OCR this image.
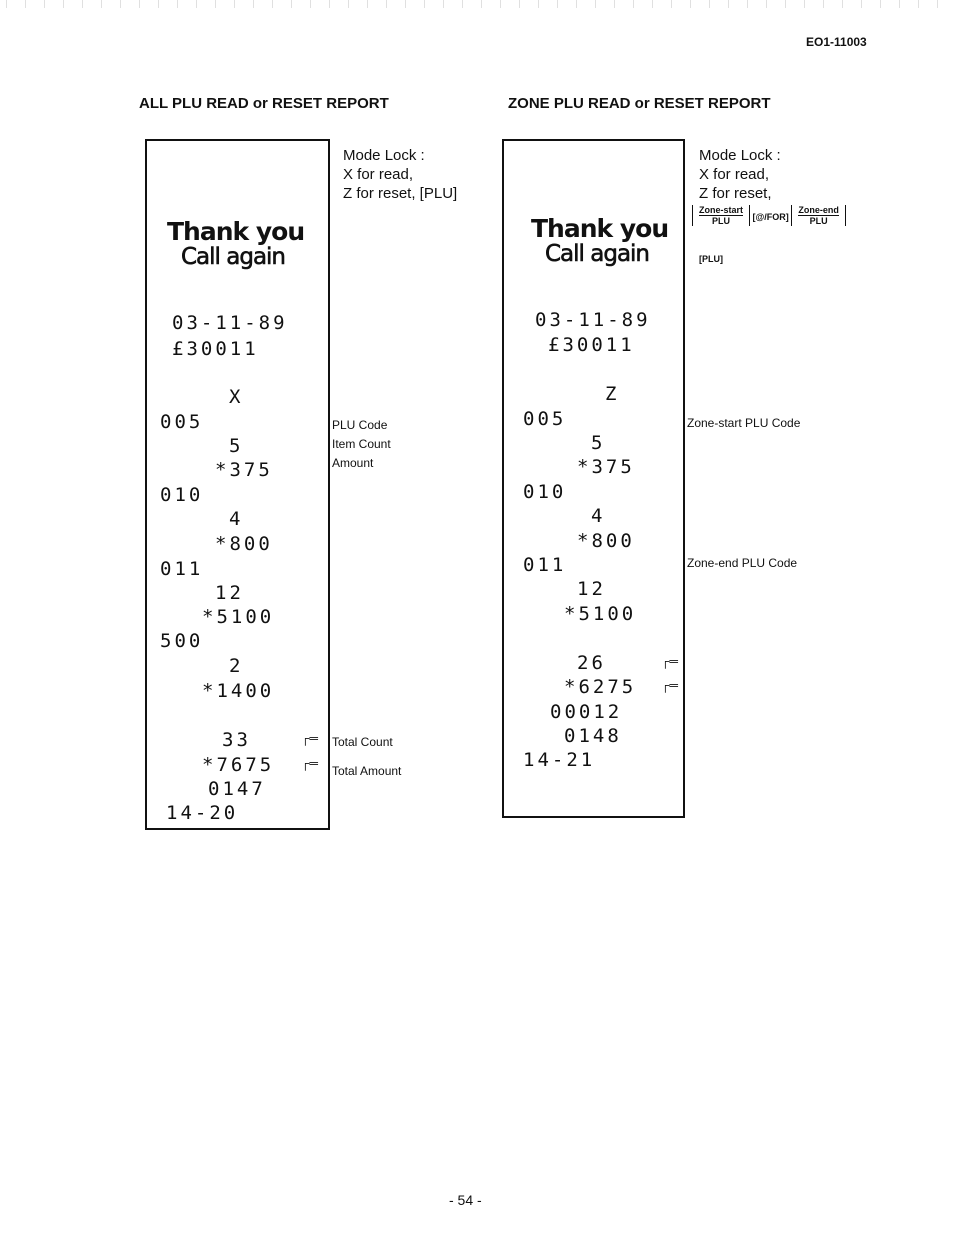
EO1-11003
ALL PLU READ or RESET REPORT
Thank you
Call again
03-11-89
£30011
X
005
5
*375
010
4
*800
011
12
*5100
500
2
*1400
33	┌═
*7675 ┌═
0147
14-20
Mode Lock :
X for read,
Z for reset, [PLU]
PLU Code
Item Count
Amount
Total Count
Total Amount
ZONE PLU READ or RESET REPORT
Thank you
Call again
03-11-89
£30011
Z
005
5
*375
010
4
*800
011
12
*5100
26	┌═
*6275 ┌═
00012
0148
14-21
Mode Lock :
X for read,
Z for reset,
Zone-start
PLU	[@/FOR] Zone-end
PLU
[PLU]
Zone-start PLU Code
Zone-end PLU Code
- 54 -
